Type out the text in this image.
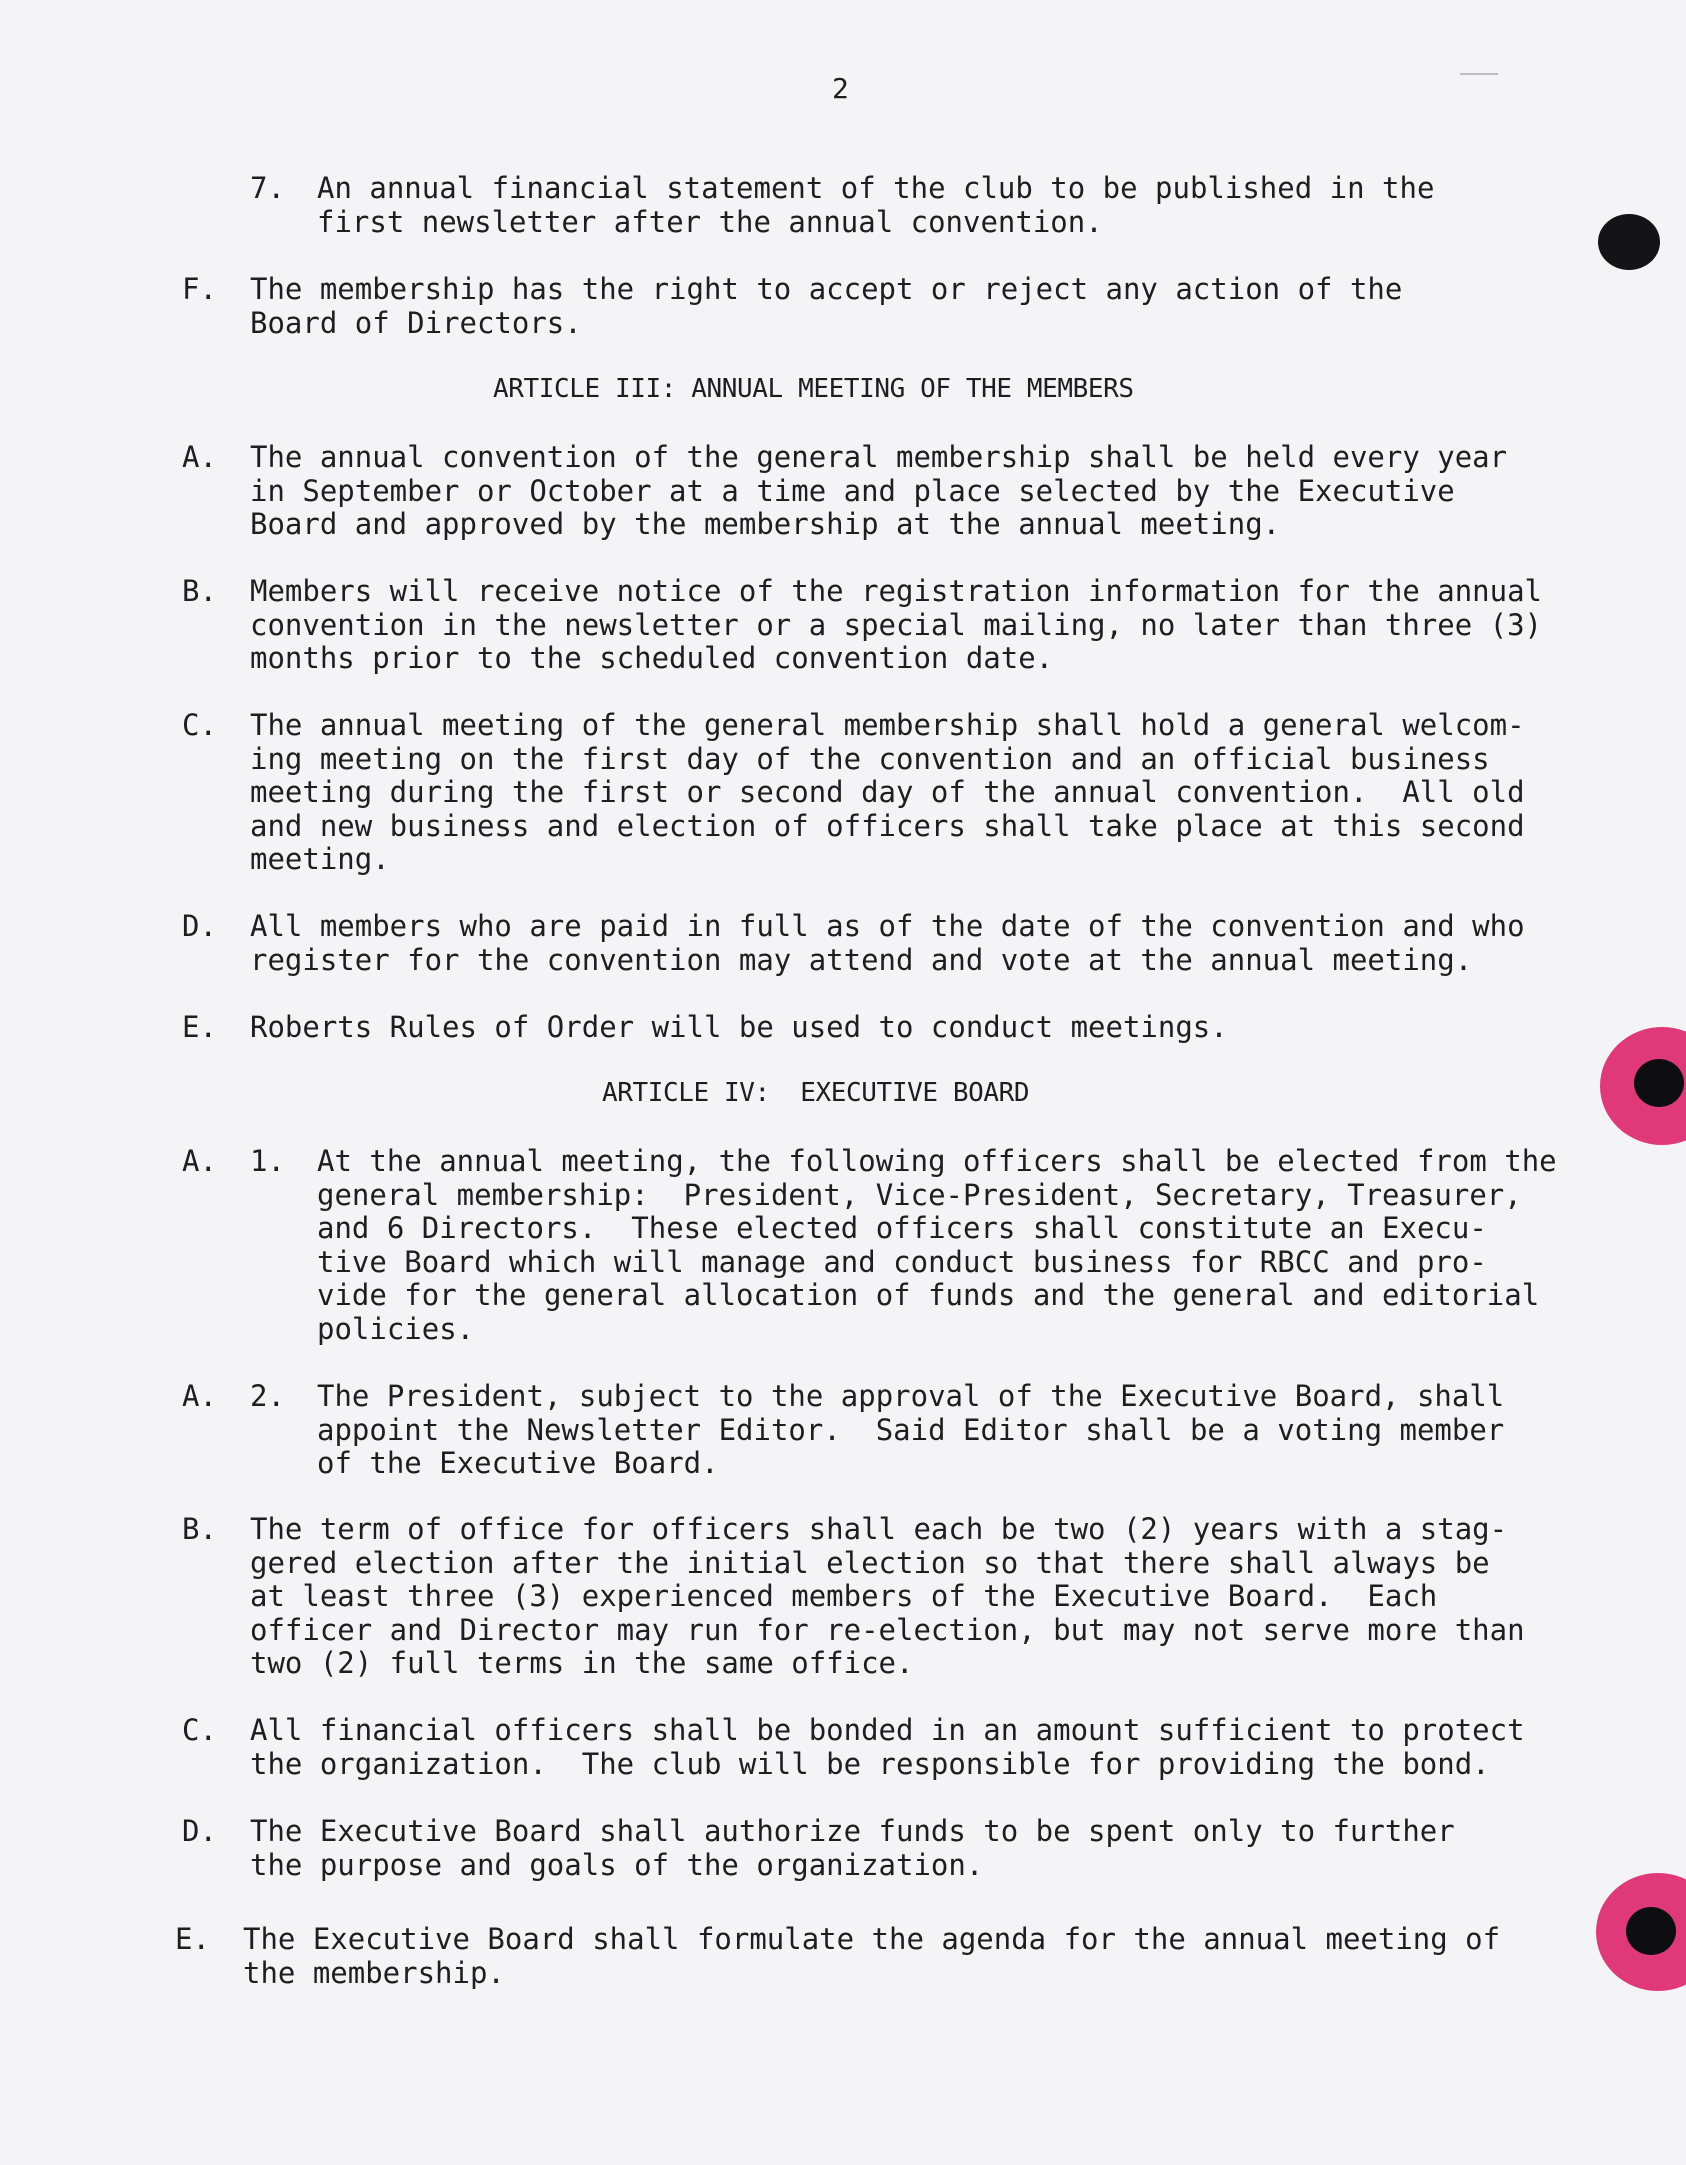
2
7. An annual financial statement of the club to be published in the
first newsletter after the annual convention.
F. The membership has the right to accept or reject any action of the
Board of Directors.
ARTICLE III: ANNUAL MEETING OF THE MEMBERS
A. The annual convention of the general membership shall be held every year
in September or October at a time and place selected by the Executive
Board and approved by the membership at the annual meeting.
B. Members will receive notice of the registration information for the annual
convention in the newsletter or a special mailing, no later than three (3)
months prior to the scheduled convention date.
C. The annual meeting of the general membership shall hold a general welcom-
ing meeting on the first day of the convention and an official business
meeting during the first or second day of the annual convention.  All old
and new business and election of officers shall take place at this second
meeting.
D. All members who are paid in full as of the date of the convention and who
register for the convention may attend and vote at the annual meeting.
E. Roberts Rules of Order will be used to conduct meetings.
ARTICLE IV:  EXECUTIVE BOARD
A. 1. At the annual meeting, the following officers shall be elected from the
general membership:  President, Vice-President, Secretary, Treasurer,
and 6 Directors.  These elected officers shall constitute an Execu-
tive Board which will manage and conduct business for RBCC and pro-
vide for the general allocation of funds and the general and editorial
policies.
A. 2. The President, subject to the approval of the Executive Board, shall
appoint the Newsletter Editor.  Said Editor shall be a voting member
of the Executive Board.
B. The term of office for officers shall each be two (2) years with a stag-
gered election after the initial election so that there shall always be
at least three (3) experienced members of the Executive Board.  Each
officer and Director may run for re-election, but may not serve more than
two (2) full terms in the same office.
C. All financial officers shall be bonded in an amount sufficient to protect
the organization.  The club will be responsible for providing the bond.
D. The Executive Board shall authorize funds to be spent only to further
the purpose and goals of the organization.
E. The Executive Board shall formulate the agenda for the annual meeting of
the membership.
